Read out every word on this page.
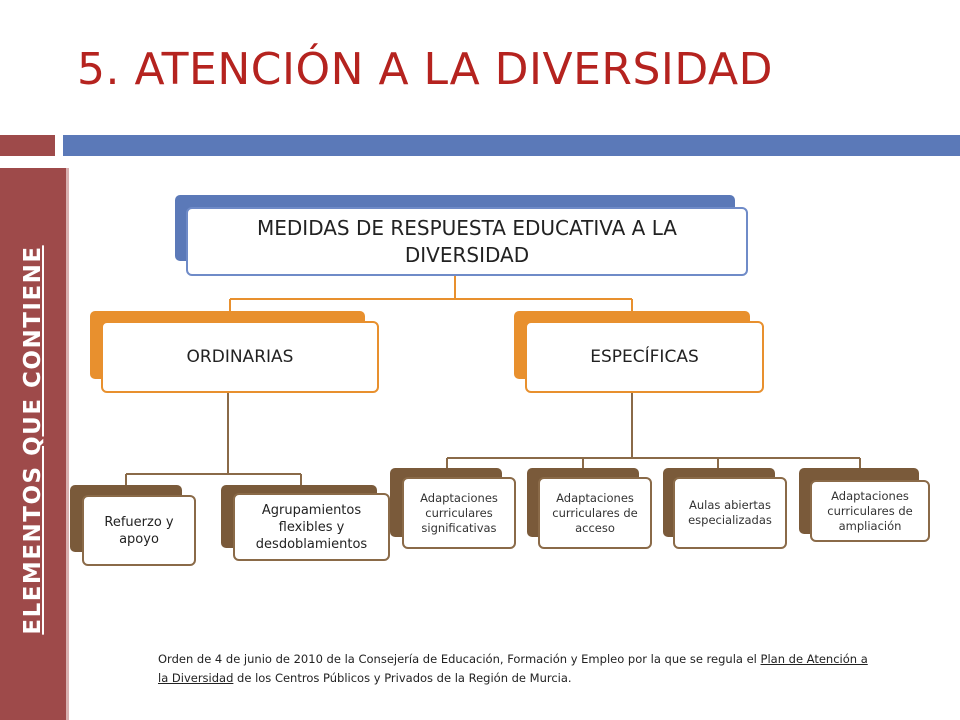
5. ATENCIÓN A LA DIVERSIDAD
ELEMENTOS QUE CONTIENE
MEDIDAS DE RESPUESTA EDUCATIVA A LA DIVERSIDAD
ORDINARIAS	ESPECÍFICAS
Refuerzo y apoyo
Agrupamientos flexibles y desdoblamientos
Adaptaciones curriculares significativas
Adaptaciones curriculares de acceso
Aulas abiertas especializadas
Adaptaciones curriculares de ampliación
Orden de 4 de junio de 2010 de la Consejería de Educación, Formación y Empleo por la que se regula el Plan de Atención a la Diversidad de los Centros Públicos y Privados de la Región de Murcia.
